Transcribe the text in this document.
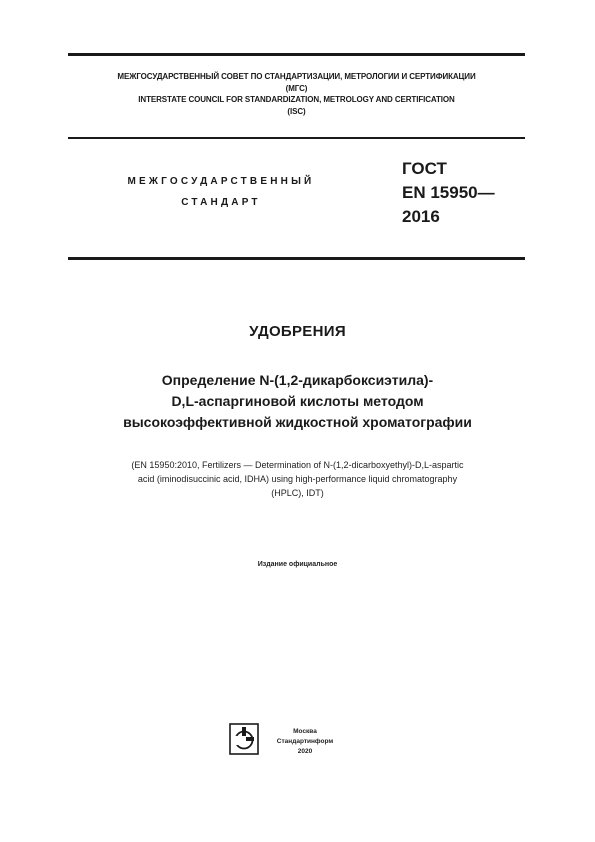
МЕЖГОСУДАРСТВЕННЫЙ СОВЕТ ПО СТАНДАРТИЗАЦИИ, МЕТРОЛОГИИ И СЕРТИФИКАЦИИ
(МГС)
INTERSTATE COUNCIL FOR STANDARDIZATION, METROLOGY AND CERTIFICATION
(ISC)
МЕЖГОСУДАРСТВЕННЫЙ
СТАНДАРТ
ГОСТ
EN 15950—
2016
УДОБРЕНИЯ
Определение N-(1,2-дикарбоксиэтила)-
D,L-аспаргиновой кислоты методом
высокоэффективной жидкостной хроматографии
(EN 15950:2010, Fertilizers — Determination of N-(1,2-dicarboxyethyl)-D,L-aspartic
acid (iminodisuccinic acid, IDHA) using high-performance liquid chromatography
(HPLC), IDT)
Издание официальное
Москва
Стандартинформ
2020
